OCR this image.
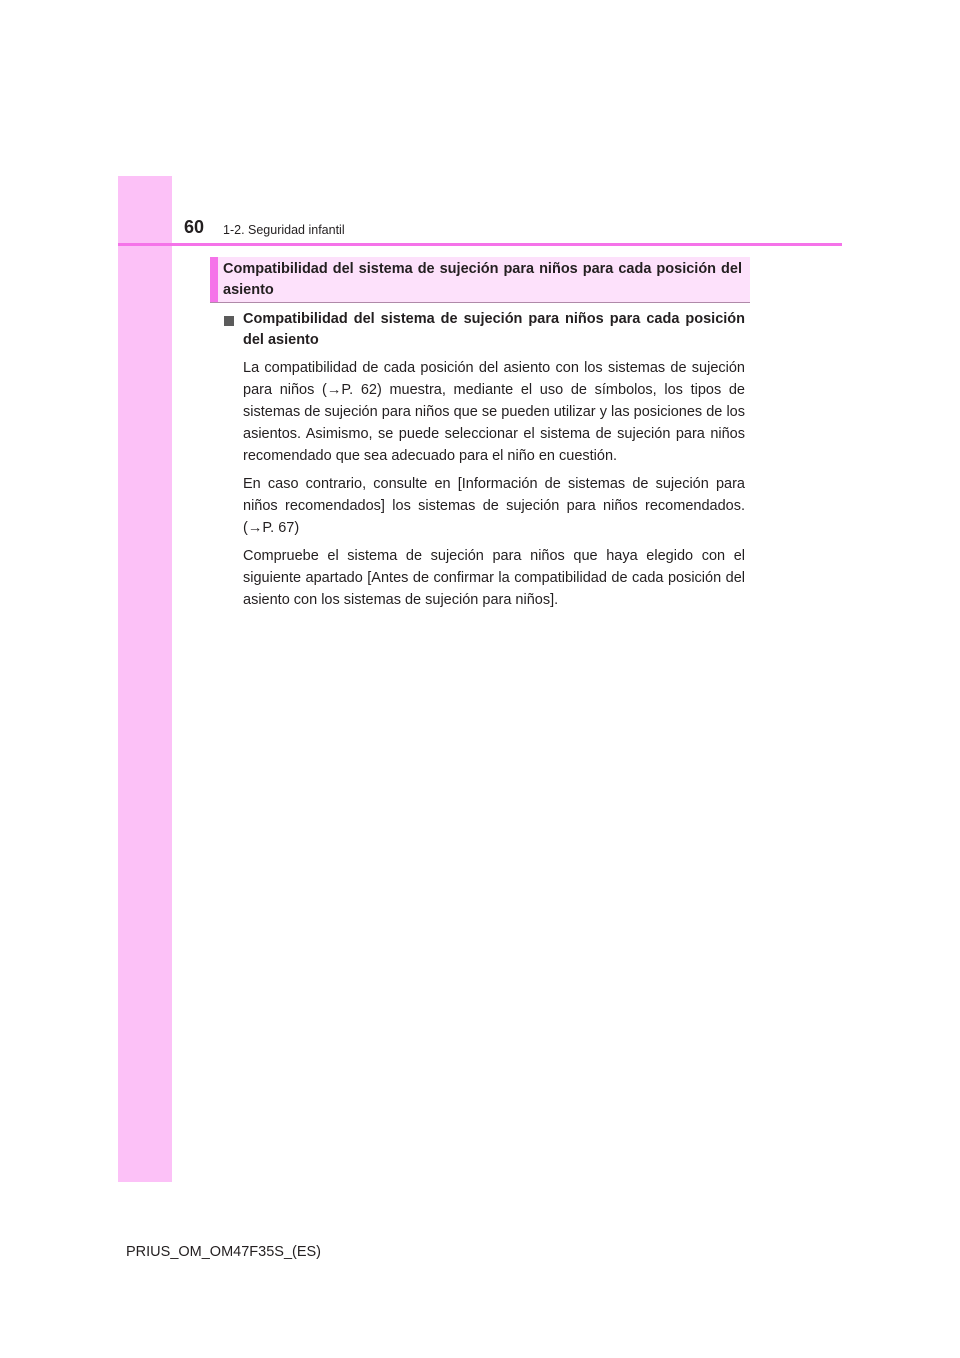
60 1-2. Seguridad infantil
Compatibilidad del sistema de sujeción para niños para cada posición del asiento

Compatibilidad del sistema de sujeción para niños para cada posición del asiento

La compatibilidad de cada posición del asiento con los sistemas de sujeción para niños (→P. 62) muestra, mediante el uso de símbolos, los tipos de sistemas de sujeción para niños que se pueden utilizar y las posiciones de los asientos. Asimismo, se puede seleccionar el sistema de sujeción para niños recomendado que sea adecuado para el niño en cuestión.

En caso contrario, consulte en [Información de sistemas de sujeción para niños recomendados] los sistemas de sujeción para niños recomendados. (→P. 67)

Compruebe el sistema de sujeción para niños que haya elegido con el siguiente apartado [Antes de confirmar la compatibilidad de cada posición del asiento con los sistemas de sujeción para niños].

PRIUS_OM_OM47F35S_(ES)
